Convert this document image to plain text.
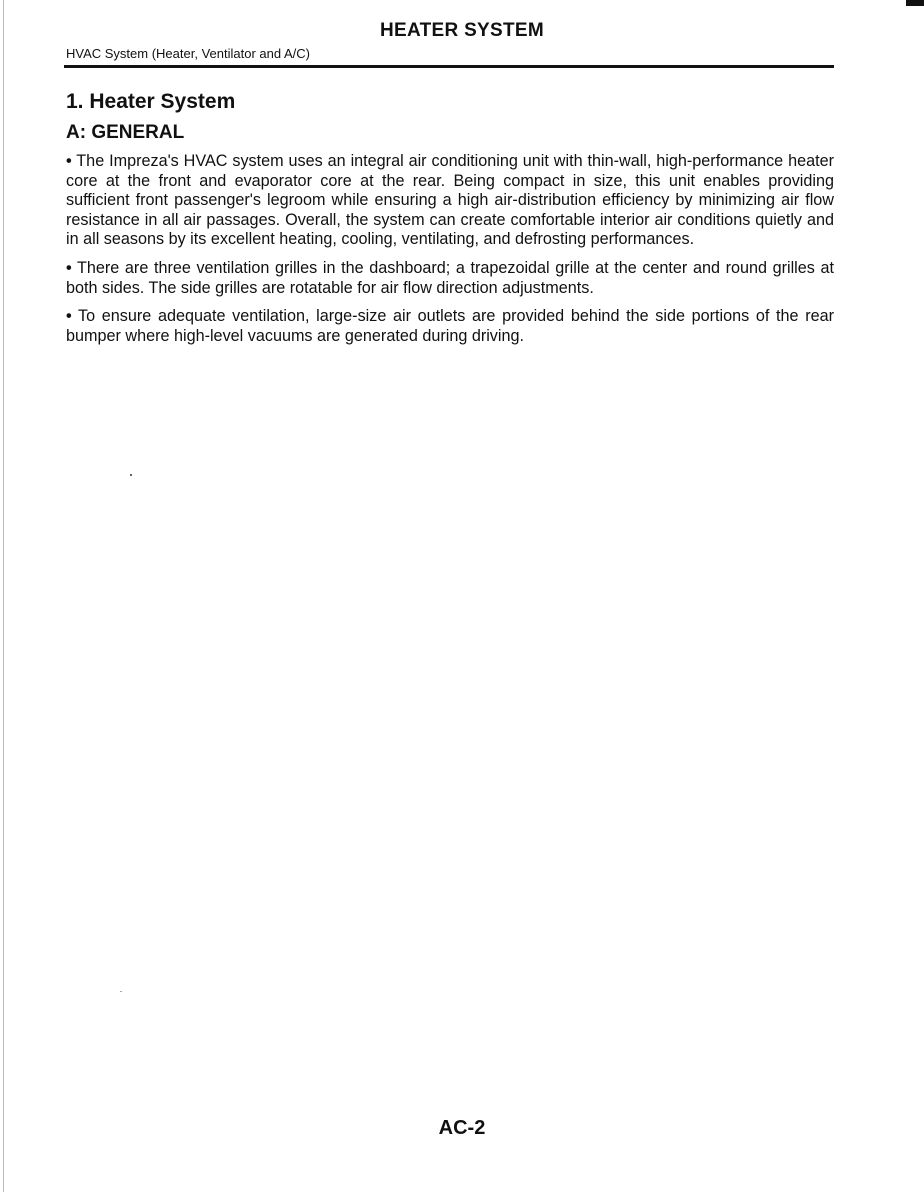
HEATER SYSTEM
HVAC System (Heater, Ventilator and A/C)
1. Heater System
A: GENERAL

• The Impreza's HVAC system uses an integral air conditioning unit with thin-wall, high-performance heater core at the front and evaporator core at the rear. Being compact in size, this unit enables providing sufficient front passenger's legroom while ensuring a high air-distribution efficiency by minimizing air flow resistance in all air passages. Overall, the system can create comfortable interior air conditions quietly and in all seasons by its excellent heating, cooling, ventilating, and defrosting performances.

• There are three ventilation grilles in the dashboard; a trapezoidal grille at the center and round grilles at both sides. The side grilles are rotatable for air flow direction adjustments.

• To ensure adequate ventilation, large-size air outlets are provided behind the side portions of the rear bumper where high-level vacuums are generated during driving.

AC-2
